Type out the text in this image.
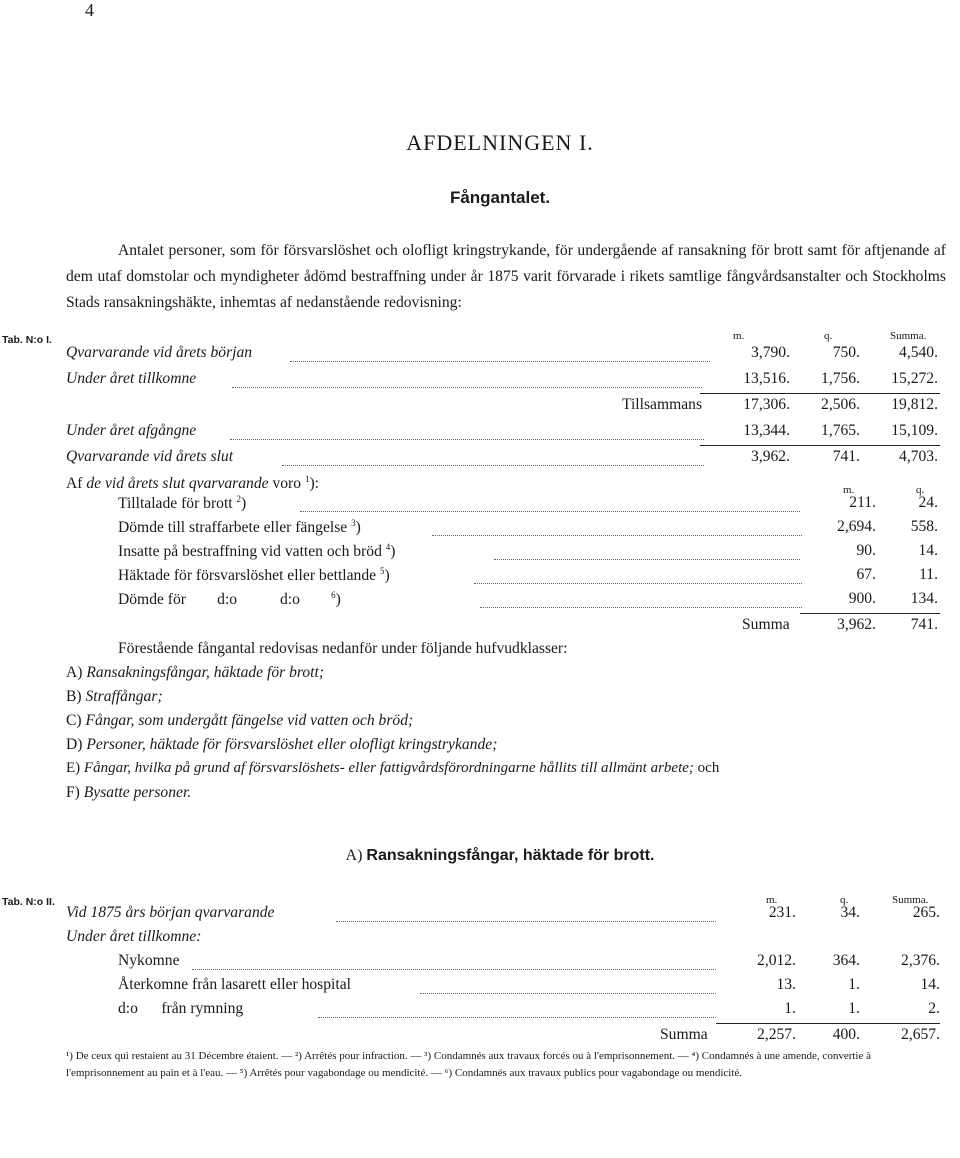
4
AFDELNINGEN I.
Fångantalet.

Antalet personer, som för försvarslöshet och olofligt kringstrykande, för undergående af ransakning för brott samt för aftjenande af dem utaf domstolar och myndigheter ådömd bestraffning under år 1875 varit förvarade i rikets samtlige fångvårdsanstalter och Stockholms Stads ransakningshäkte, inhemtas af nedanstående redovisning:

Tab. N:o I.	m.	q.	Summa.
Qvarvarande vid årets början	3,790.	750.	4,540.
Under året tillkomne	13,516.	1,756.	15,272.
Tillsammans	17,306.	2,506.	19,812.
Under året afgångne	13,344.	1,765.	15,109.
Qvarvarande vid årets slut	3,962.	741.	4,703.
Af de vid årets slut qvarvarande voro $^1$):	m.	q.
Tilltalade för brott $^2$)	211.	24.
Dömde till straffarbete eller fängelse $^3$)	2,694.	558.
Insatte på bestraffning vid vatten och bröd $^4$)	90.	14.
Häktade för försvarslöshet eller bettlande $^5$)	67.	11.
Dömde för        d:o           d:o        $^6$)	900.	134.
Summa	3,962.	741.
Förestående fångantal redovisas nedanför under följande hufvudklasser:
A) Ransakningsfångar, häktade för brott;
B) Straffångar;
C) Fångar, som undergått fängelse vid vatten och bröd;
D) Personer, häktade för försvarslöshet eller olofligt kringstrykande;
E) Fångar, hvilka på grund af försvarslöshets- eller fattigvårdsförordningarne hållits till allmänt arbete; och
F) Bysatte personer.
A) Ransakningsfångar, häktade för brott.
Tab. N:o II.	m.	q.	Summa.
Vid 1875 års början qvarvarande	231.	34.	265.
Under året tillkomne:
Nykomne	2,012.	364.	2,376.
Återkomne från lasarett eller hospital	13.	1.	14.
d:o      från rymning	1.	1.	2.
Summa	2,257.	400.	2,657.
¹) De ceux qui restaient au 31 Décembre étaient. — ²) Arrêtés pour infraction. — ³) Condamnés aux travaux forcés ou à l'emprisonnement. — ⁴) Condamnés à une amende, convertie à l'emprisonnement au pain et à l'eau. — ⁵) Arrêtés pour vagabondage ou mendicité. — ⁶) Condamnés aux travaux publics pour vagabondage ou mendicité.
